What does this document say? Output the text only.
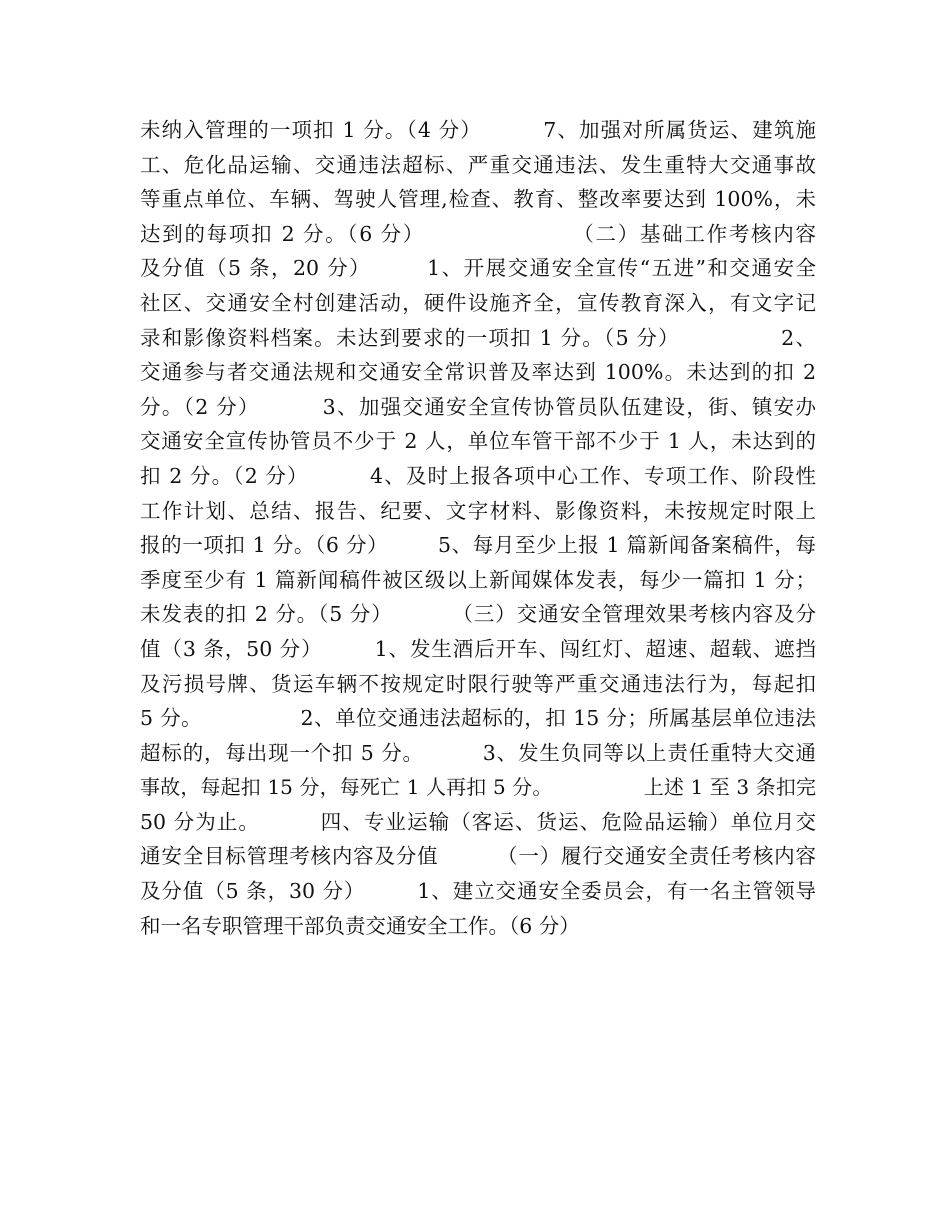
未纳入管理的一项扣 1 分。（4 分）        7、加强对所属货运、建筑施
工、危化品运输、交通违法超标、严重交通违法、发生重特大交通事故
等重点单位、车辆、驾驶人管理,检查、教育、整改率要达到 100%，未
达到的每项扣 2 分。（6 分）                  （二）基础工作考核内容
及分值（5 条，20 分）       1、开展交通安全宣传“五进”和交通安全
社区、交通安全村创建活动，硬件设施齐全，宣传教育深入，有文字记
录和影像资料档案。未达到要求的一项扣 1 分。（5 分）             2、
交通参与者交通法规和交通安全常识普及率达到 100%。未达到的扣 2
分。（2 分）        3、加强交通安全宣传协管员队伍建设，街、镇安办
交通安全宣传协管员不少于 2 人，单位车管干部不少于 1 人，未达到的
扣 2 分。（2 分）        4、及时上报各项中心工作、专项工作、阶段性
工作计划、总结、报告、纪要、文字材料、影像资料，未按规定时限上
报的一项扣 1 分。（6 分）       5、每月至少上报 1 篇新闻备案稿件，每
季度至少有 1 篇新闻稿件被区级以上新闻媒体发表，每少一篇扣 1 分；
未发表的扣 2 分。（5 分）        （三）交通安全管理效果考核内容及分
值（3 条，50 分）       1、发生酒后开车、闯红灯、超速、超载、遮挡
及污损号牌、货运车辆不按规定时限行驶等严重交通违法行为，每起扣
5 分。              2、单位交通违法超标的，扣 15 分；所属基层单位违法
超标的，每出现一个扣 5 分。        3、发生负同等以上责任重特大交通
事故，每起扣 15 分，每死亡 1 人再扣 5 分。              上述 1 至 3 条扣完
50 分为止。        四、专业运输（客运、货运、危险品运输）单位月交
通安全目标管理考核内容及分值        （一）履行交通安全责任考核内容
及分值（5 条，30 分）       1、建立交通安全委员会，有一名主管领导
和一名专职管理干部负责交通安全工作。（6 分）
